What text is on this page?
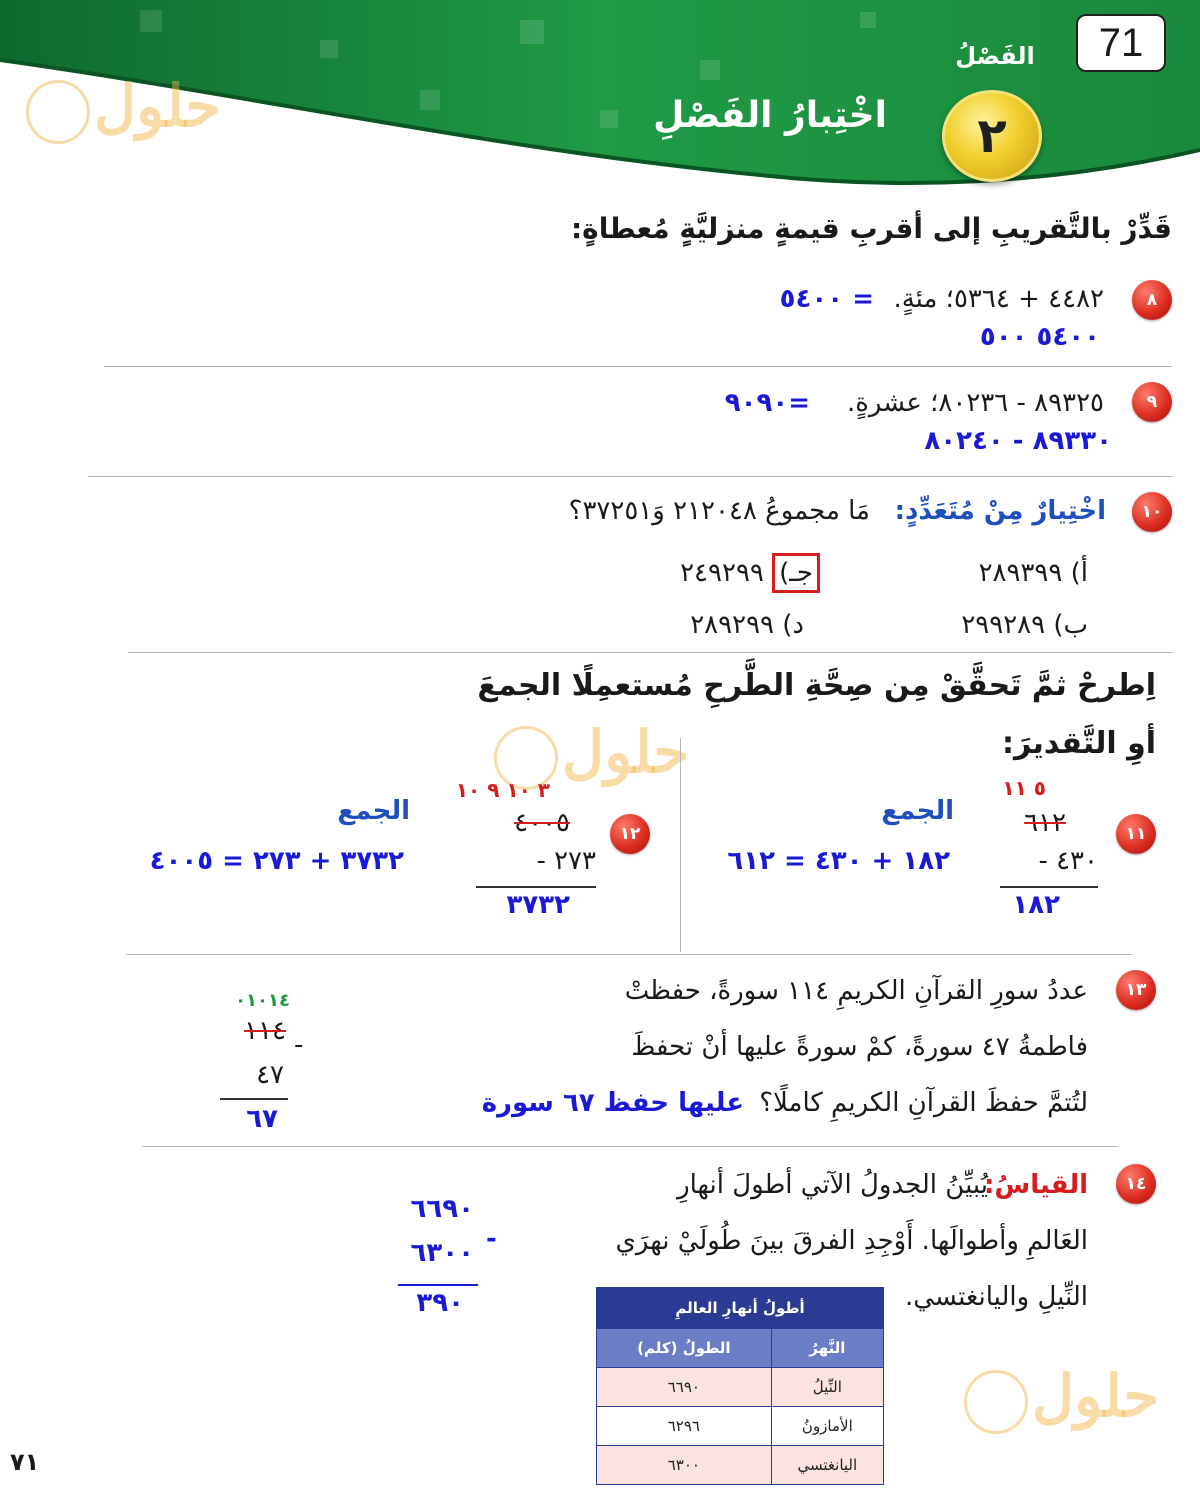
71
الفَصْلُ
٢
اخْتِبارُ الفَصْلِ
حلول
حلول
حلول
قَدِّرْ بالتَّقريبِ إلى أقربِ قيمةٍ منزليَّةٍ مُعطاةٍ:
٨
٤٤٨٢ + ٥٣٦٤؛ مئةٍ.
= ٥٤٠٠
٥٤٠٠ ٥٠٠
٩
٨٩٣٢٥ - ٨٠٢٣٦؛ عشرةٍ.
=٩٠٩٠
٨٩٣٣٠ - ٨٠٢٤٠
١٠
اخْتِيارٌ مِنْ مُتَعَدِّدٍ:
مَا مجموعُ ٢١٢٠٤٨ وَ٣٧٢٥١؟
أ) ٢٨٩٣٩٩
جـ) ٢٤٩٢٩٩
ب) ٢٩٩٢٨٩
د) ٢٨٩٢٩٩
اِطرحْ ثمَّ تَحقَّقْ مِن صِحَّةِ الطَّرحِ مُستعمِلًا الجمعَ
أوِ التَّقديرَ:
١١
٥ ١١
٦١٢
٤٣٠ -
١٨٢
الجمع
١٨٢ + ٤٣٠ = ٦١٢
١٢
٣ ١٠ ٩ ١٠
٤٠٠٥
٢٧٣ -
٣٧٣٢
الجمع
٣٧٣٢ + ٢٧٣ = ٤٠٠٥
١٣
عددُ سورِ القرآنِ الكريمِ ١١٤ سورةً، حفظتْ
فاطمةُ ٤٧ سورةً، كمْ سورةً عليها أنْ تحفظَ
لتُتمَّ حفظَ القرآنِ الكريمِ كاملًا؟
عليها حفظ ٦٧ سورة
٠١٠١٤
١١٤ -
٤٧
٦٧
١٤
القياسُ:
يُبيِّنُ الجدولُ الآتي أطولَ أنهارِ
العَالمِ وأطوالَها. أَوْجِدِ الفرقَ بينَ طُولَيْ نهرَي
النِّيلِ واليانغتسي.
٦٦٩٠
٦٣٠٠ -
٣٩٠	أطولُ أنهارِ العالمِ	
النَّهرُ	الطولُ (كلم)
النِّيلُ	٦٦٩٠
الأمازونُ	٦٢٩٦
اليانغتسي	٦٣٠٠
٧١
